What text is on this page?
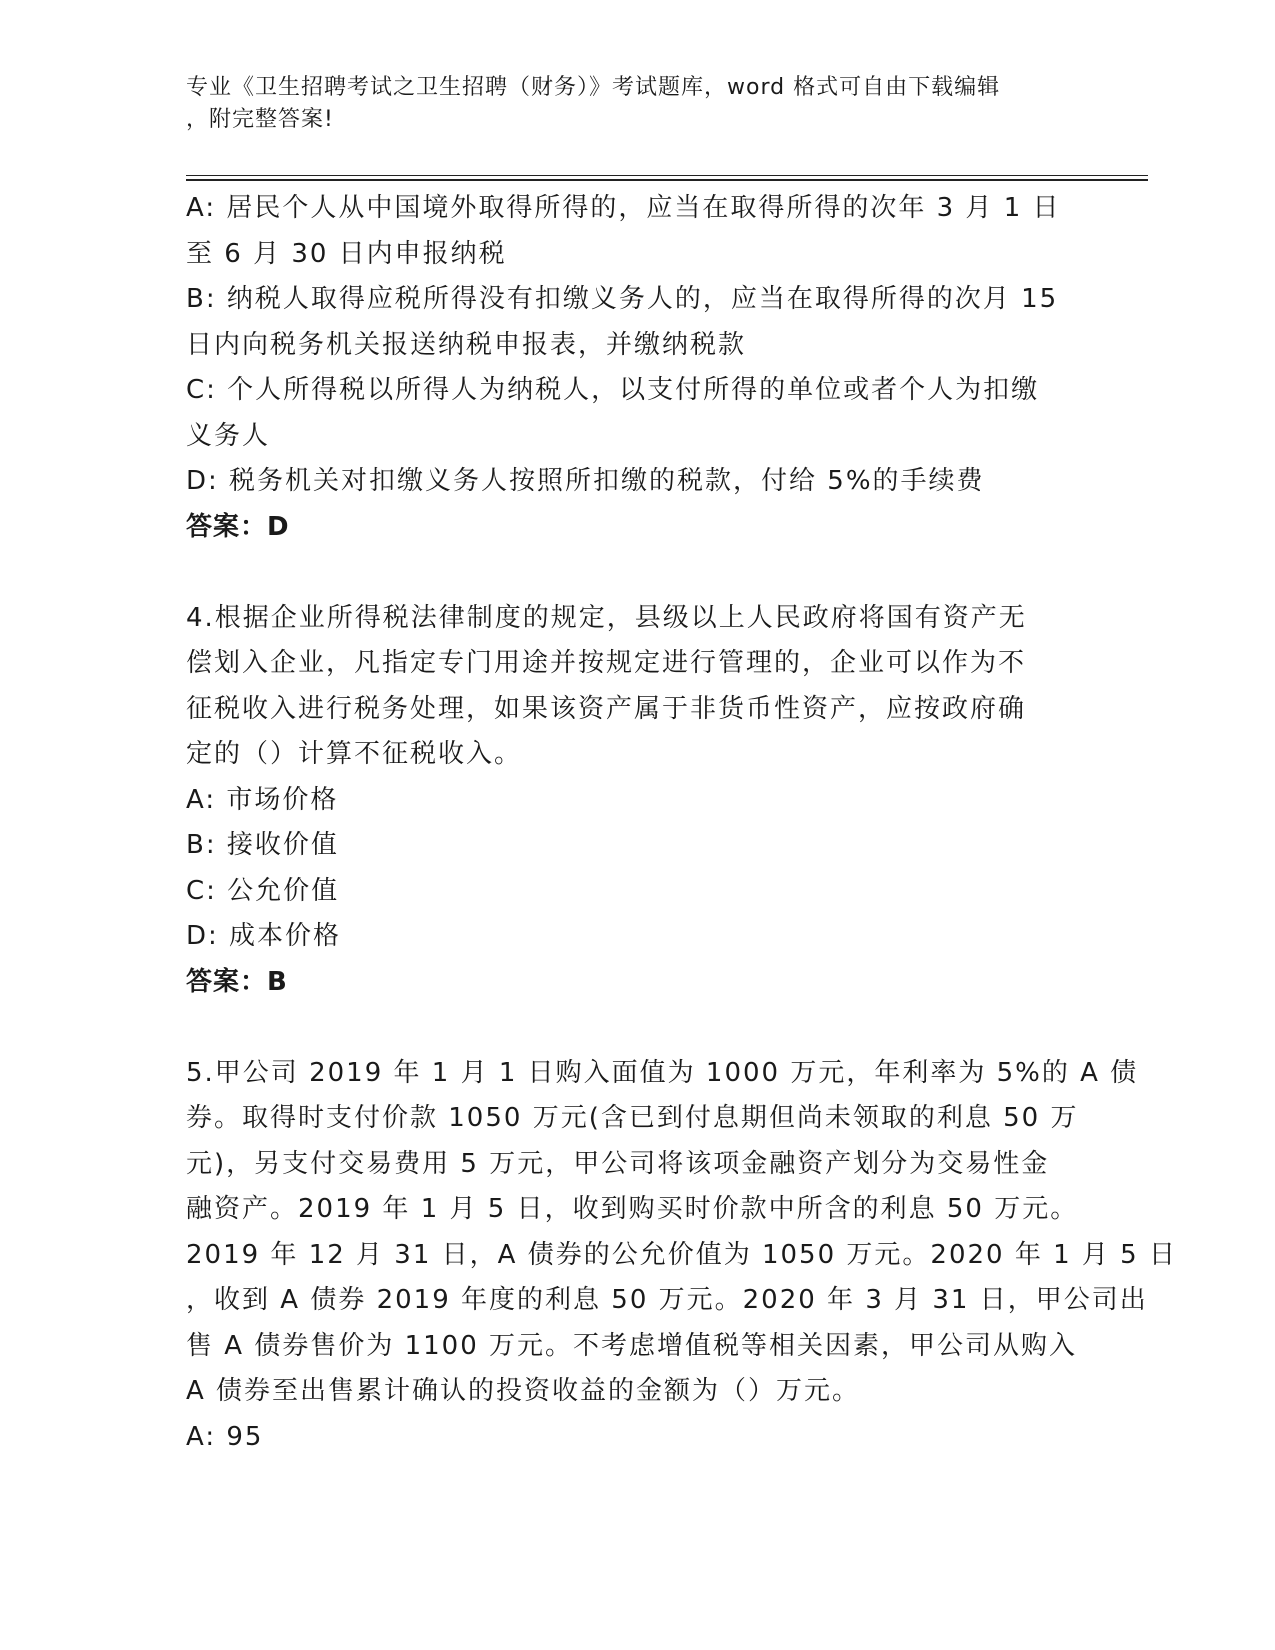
专业《卫生招聘考试之卫生招聘（财务）》考试题库，word 格式可自由下载编辑
，附完整答案!
A: 居民个人从中国境外取得所得的，应当在取得所得的次年 3 月 1 日
至 6 月 30 日内申报纳税
B: 纳税人取得应税所得没有扣缴义务人的，应当在取得所得的次月 15
日内向税务机关报送纳税申报表，并缴纳税款
C: 个人所得税以所得人为纳税人，以支付所得的单位或者个人为扣缴
义务人
D: 税务机关对扣缴义务人按照所扣缴的税款，付给 5%的手续费
答案：D
4.根据企业所得税法律制度的规定，县级以上人民政府将国有资产无
偿划入企业，凡指定专门用途并按规定进行管理的，企业可以作为不
征税收入进行税务处理，如果该资产属于非货币性资产，应按政府确
定的（）计算不征税收入。
A: 市场价格
B: 接收价值
C: 公允价值
D: 成本价格
答案：B
5.甲公司 2019 年 1 月 1 日购入面值为 1000 万元，年利率为 5%的 A 债
券。取得时支付价款 1050 万元(含已到付息期但尚未领取的利息 50 万
元)，另支付交易费用 5 万元，甲公司将该项金融资产划分为交易性金
融资产。2019 年 1 月 5 日，收到购买时价款中所含的利息 50 万元。
2019 年 12 月 31 日，A 债券的公允价值为 1050 万元。2020 年 1 月 5 日
，收到 A 债券 2019 年度的利息 50 万元。2020 年 3 月 31 日，甲公司出
售 A 债券售价为 1100 万元。不考虑增值税等相关因素，甲公司从购入
A 债券至出售累计确认的投资收益的金额为（）万元。
A: 95
